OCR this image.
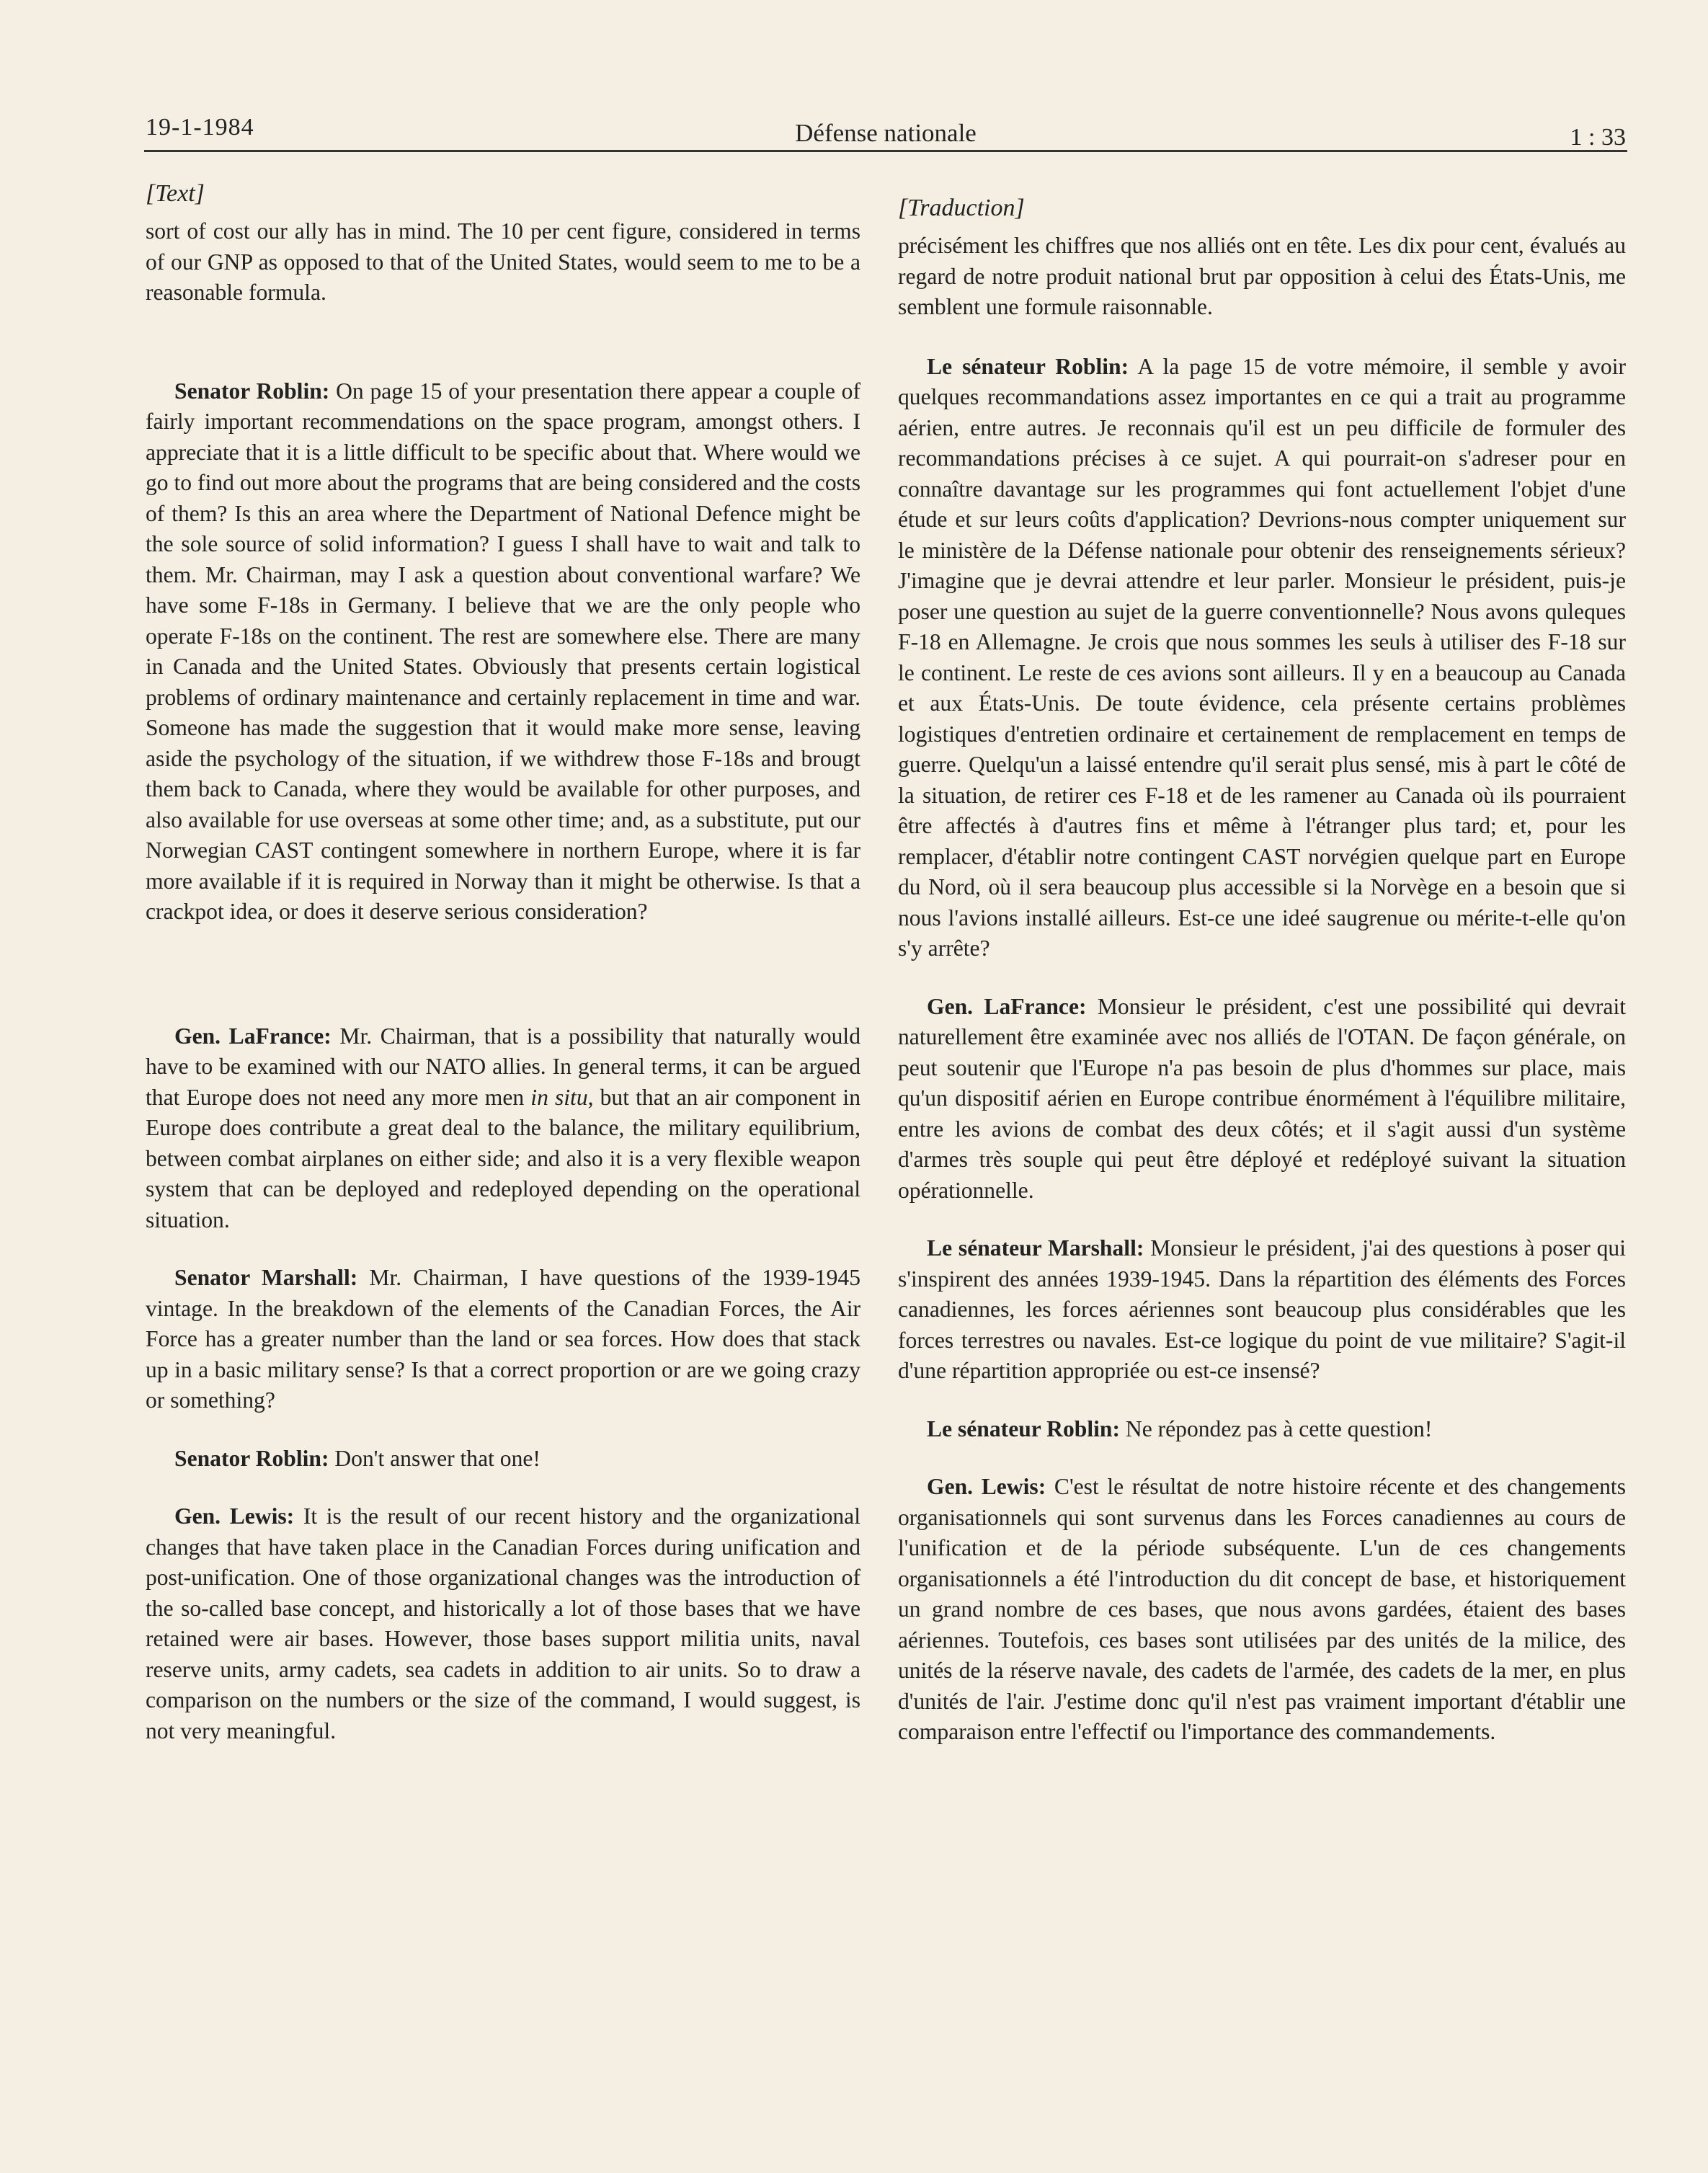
19-1-1984	Défense nationale	1 : 33
[Text]

sort of cost our ally has in mind. The 10 per cent figure, considered in terms of our GNP as opposed to that of the United States, would seem to me to be a reasonable formula.

Senator Roblin: On page 15 of your presentation there appear a couple of fairly important recommendations on the space program, amongst others. I appreciate that it is a little difficult to be specific about that. Where would we go to find out more about the programs that are being considered and the costs of them? Is this an area where the Department of National Defence might be the sole source of solid information? I guess I shall have to wait and talk to them. Mr. Chairman, may I ask a question about conventional warfare? We have some F-18s in Germany. I believe that we are the only people who operate F-18s on the continent. The rest are somewhere else. There are many in Canada and the United States. Obviously that presents certain logistical problems of ordinary maintenance and certainly replacement in time and war. Someone has made the suggestion that it would make more sense, leaving aside the psychology of the situation, if we withdrew those F-18s and brougt them back to Canada, where they would be available for other purposes, and also available for use overseas at some other time; and, as a substitute, put our Norwegian CAST contingent somewhere in northern Europe, where it is far more available if it is required in Norway than it might be otherwise. Is that a crackpot idea, or does it deserve serious consideration?

Gen. LaFrance: Mr. Chairman, that is a possibility that naturally would have to be examined with our NATO allies. In general terms, it can be argued that Europe does not need any more men in situ, but that an air component in Europe does contribute a great deal to the balance, the military equilibrium, between combat airplanes on either side; and also it is a very flexible weapon system that can be deployed and redeployed depending on the operational situation.

Senator Marshall: Mr. Chairman, I have questions of the 1939-1945 vintage. In the breakdown of the elements of the Canadian Forces, the Air Force has a greater number than the land or sea forces. How does that stack up in a basic military sense? Is that a correct proportion or are we going crazy or something?

Senator Roblin: Don't answer that one!

Gen. Lewis: It is the result of our recent history and the organizational changes that have taken place in the Canadian Forces during unification and post-unification. One of those organizational changes was the introduction of the so-called base concept, and historically a lot of those bases that we have retained were air bases. However, those bases support militia units, naval reserve units, army cadets, sea cadets in addition to air units. So to draw a comparison on the numbers or the size of the command, I would suggest, is not very meaningful.

[Traduction]

précisément les chiffres que nos alliés ont en tête. Les dix pour cent, évalués au regard de notre produit national brut par opposition à celui des États-Unis, me semblent une formule raisonnable.

Le sénateur Roblin: A la page 15 de votre mémoire, il semble y avoir quelques recommandations assez importantes en ce qui a trait au programme aérien, entre autres. Je reconnais qu'il est un peu difficile de formuler des recommandations précises à ce sujet. A qui pourrait-on s'adreser pour en connaître davantage sur les programmes qui font actuellement l'objet d'une étude et sur leurs coûts d'application? Devrions-nous compter uniquement sur le ministère de la Défense nationale pour obtenir des renseignements sérieux? J'imagine que je devrai attendre et leur parler. Monsieur le président, puis-je poser une question au sujet de la guerre conventionnelle? Nous avons quleques F-18 en Allemagne. Je crois que nous sommes les seuls à utiliser des F-18 sur le continent. Le reste de ces avions sont ailleurs. Il y en a beaucoup au Canada et aux États-Unis. De toute évidence, cela présente certains problèmes logistiques d'entretien ordinaire et certainement de remplacement en temps de guerre. Quelqu'un a laissé entendre qu'il serait plus sensé, mis à part le côté de la situation, de retirer ces F-18 et de les ramener au Canada où ils pourraient être affectés à d'autres fins et même à l'étranger plus tard; et, pour les remplacer, d'établir notre contingent CAST norvégien quelque part en Europe du Nord, où il sera beaucoup plus accessible si la Norvège en a besoin que si nous l'avions installé ailleurs. Est-ce une ideé saugrenue ou mérite-t-elle qu'on s'y arrête?

Gen. LaFrance: Monsieur le président, c'est une possibilité qui devrait naturellement être examinée avec nos alliés de l'OTAN. De façon générale, on peut soutenir que l'Europe n'a pas besoin de plus d'hommes sur place, mais qu'un dispositif aérien en Europe contribue énormément à l'équilibre militaire, entre les avions de combat des deux côtés; et il s'agit aussi d'un système d'armes très souple qui peut être déployé et redéployé suivant la situation opérationnelle.

Le sénateur Marshall: Monsieur le président, j'ai des questions à poser qui s'inspirent des années 1939-1945. Dans la répartition des éléments des Forces canadiennes, les forces aériennes sont beaucoup plus considérables que les forces terrestres ou navales. Est-ce logique du point de vue militaire? S'agit-il d'une répartition appropriée ou est-ce insensé?

Le sénateur Roblin: Ne répondez pas à cette question!

Gen. Lewis: C'est le résultat de notre histoire récente et des changements organisationnels qui sont survenus dans les Forces canadiennes au cours de l'unification et de la période subséquente. L'un de ces changements organisationnels a été l'introduction du dit concept de base, et historiquement un grand nombre de ces bases, que nous avons gardées, étaient des bases aériennes. Toutefois, ces bases sont utilisées par des unités de la milice, des unités de la réserve navale, des cadets de l'armée, des cadets de la mer, en plus d'unités de l'air. J'estime donc qu'il n'est pas vraiment important d'établir une comparaison entre l'effectif ou l'importance des commandements.
